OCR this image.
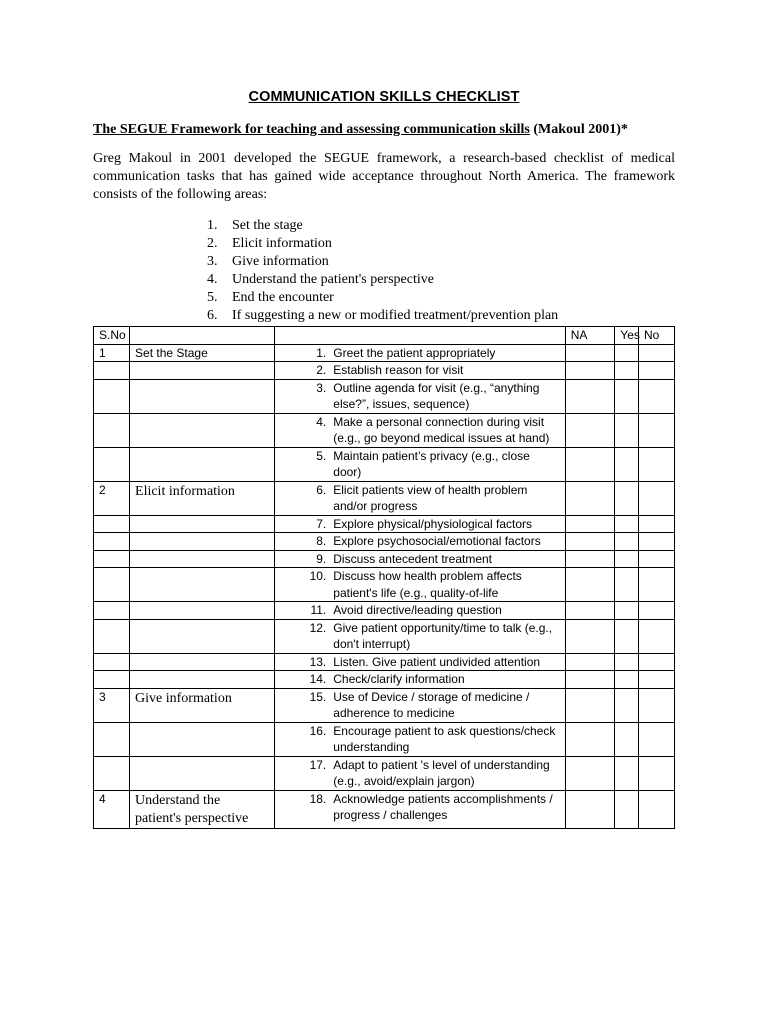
COMMUNICATION SKILLS CHECKLIST
The SEGUE Framework for teaching and assessing communication skills (Makoul 2001)*
Greg Makoul in 2001 developed the SEGUE framework, a research-based checklist of medical communication tasks that has gained wide acceptance throughout North America. The framework consists of the following areas:
1.	Set the stage
2.	Elicit information
3.	Give information
4.	Understand the patient's perspective
5.	End the encounter
6.	If suggesting a new or modified treatment/prevention plan
S.No			NA	Yes	No
1	Set the Stage	1. Greet the patient appropriately			

		2. Establish reason for visit			

		3. Outline agenda for visit (e.g., “anything else?”, issues, sequence)			

		4. Make a personal connection during visit (e.g., go beyond medical issues at hand)			

		5. Maintain patient’s privacy (e.g., close door)			

2	Elicit information	6. Elicit patients view of health problem and/or progress			

		7. Explore physical/physiological factors			

		8. Explore psychosocial/emotional factors			

		9. Discuss antecedent treatment			

		10. Discuss how health problem affects patient's life (e.g., quality-of-life			

		11. Avoid directive/leading question			

		12. Give patient opportunity/time to talk (e.g., don't interrupt)			

		13. Listen. Give patient undivided attention			

		14. Check/clarify information			

3	Give information	15. Use of Device / storage of medicine / adherence to medicine			

		16. Encourage patient to ask questions/check understanding			

		17. Adapt to patient 's level of understanding (e.g., avoid/explain jargon)			

4	Understand the patient's perspective	18. Acknowledge patients accomplishments / progress / challenges			
